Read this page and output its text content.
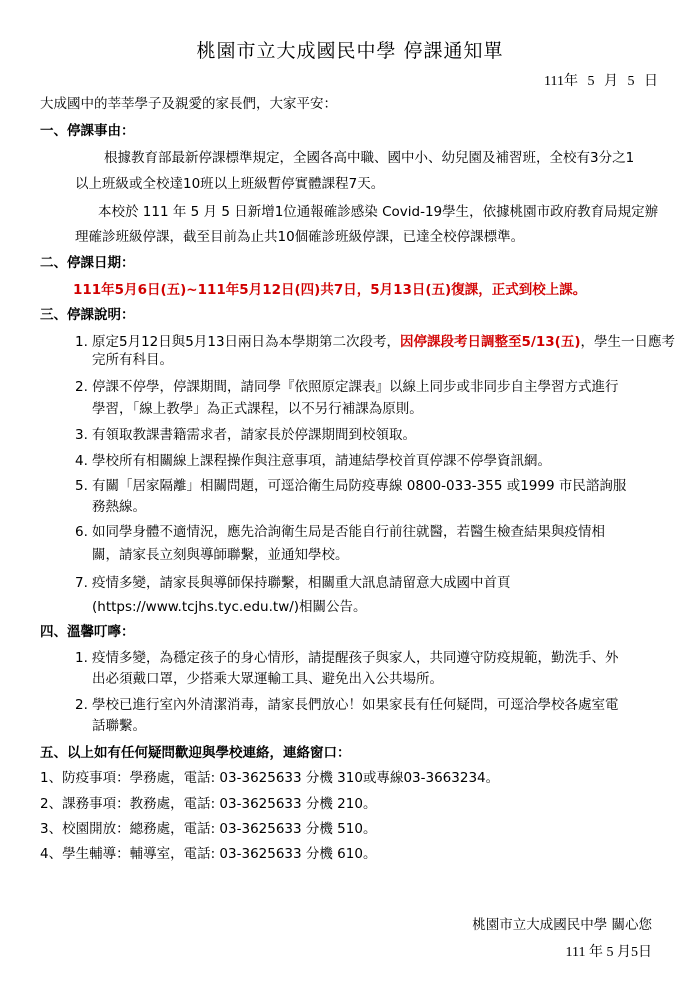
桃園市立大成國民中學 停課通知單
111年 5 月 5 日
大成國中的莘莘學子及親愛的家長們，大家平安：
一、停課事由：
根據教育部最新停課標準規定，全國各高中職、國中小、幼兒園及補習班，全校有3分之1
以上班級或全校達10班以上班級暫停實體課程7天。
本校於 111 年 5 月 5 日新增1位通報確診感染 Covid-19學生，依據桃園市政府教育局規定辦
理確診班級停課，截至目前為止共10個確診班級停課，已達全校停課標準。
二、停課日期：
111年5月6日(五)~111年5月12日(四)共7日，5月13日(五)復課，正式到校上課。
三、停課說明：
1. 原定5月12日與5月13日兩日為本學期第二次段考，因停課段考日調整至5/13(五)，學生一日應考
完所有科目。
2. 停課不停學，停課期間，請同學『依照原定課表』以線上同步或非同步自主學習方式進行
學習，「線上教學」為正式課程，以不另行補課為原則。
3. 有領取教課書籍需求者，請家長於停課期間到校領取。
4. 學校所有相關線上課程操作與注意事項，請連結學校首頁停課不停學資訊網。
5. 有關「居家隔離」相關問題，可逕洽衛生局防疫專線 0800-033-355 或1999 市民諮詢服
務熱線。
6. 如同學身體不適情況，應先洽詢衛生局是否能自行前往就醫，若醫生檢查結果與疫情相
關，請家長立刻與導師聯繫，並通知學校。
7. 疫情多變，請家長與導師保持聯繫，相關重大訊息請留意大成國中首頁
(https://www.tcjhs.tyc.edu.tw/)相關公告。
四、溫馨叮嚀：
1. 疫情多變，為穩定孩子的身心情形，請提醒孩子與家人，共同遵守防疫規範，勤洗手、外
出必須戴口罩，少搭乘大眾運輸工具、避免出入公共場所。
2. 學校已進行室內外清潔消毒，請家長們放心！如果家長有任何疑問，可逕洽學校各處室電
話聯繫。
五、以上如有任何疑問歡迎與學校連絡，連絡窗口：
1、防疫事項：學務處，電話: 03-3625633 分機 310或專線03-3663234。
2、課務事項：教務處，電話: 03-3625633 分機 210。
3、校園開放：總務處，電話: 03-3625633 分機 510。
4、學生輔導：輔導室，電話: 03-3625633 分機 610。
桃園市立大成國民中學 關心您
111 年 5 月5日
